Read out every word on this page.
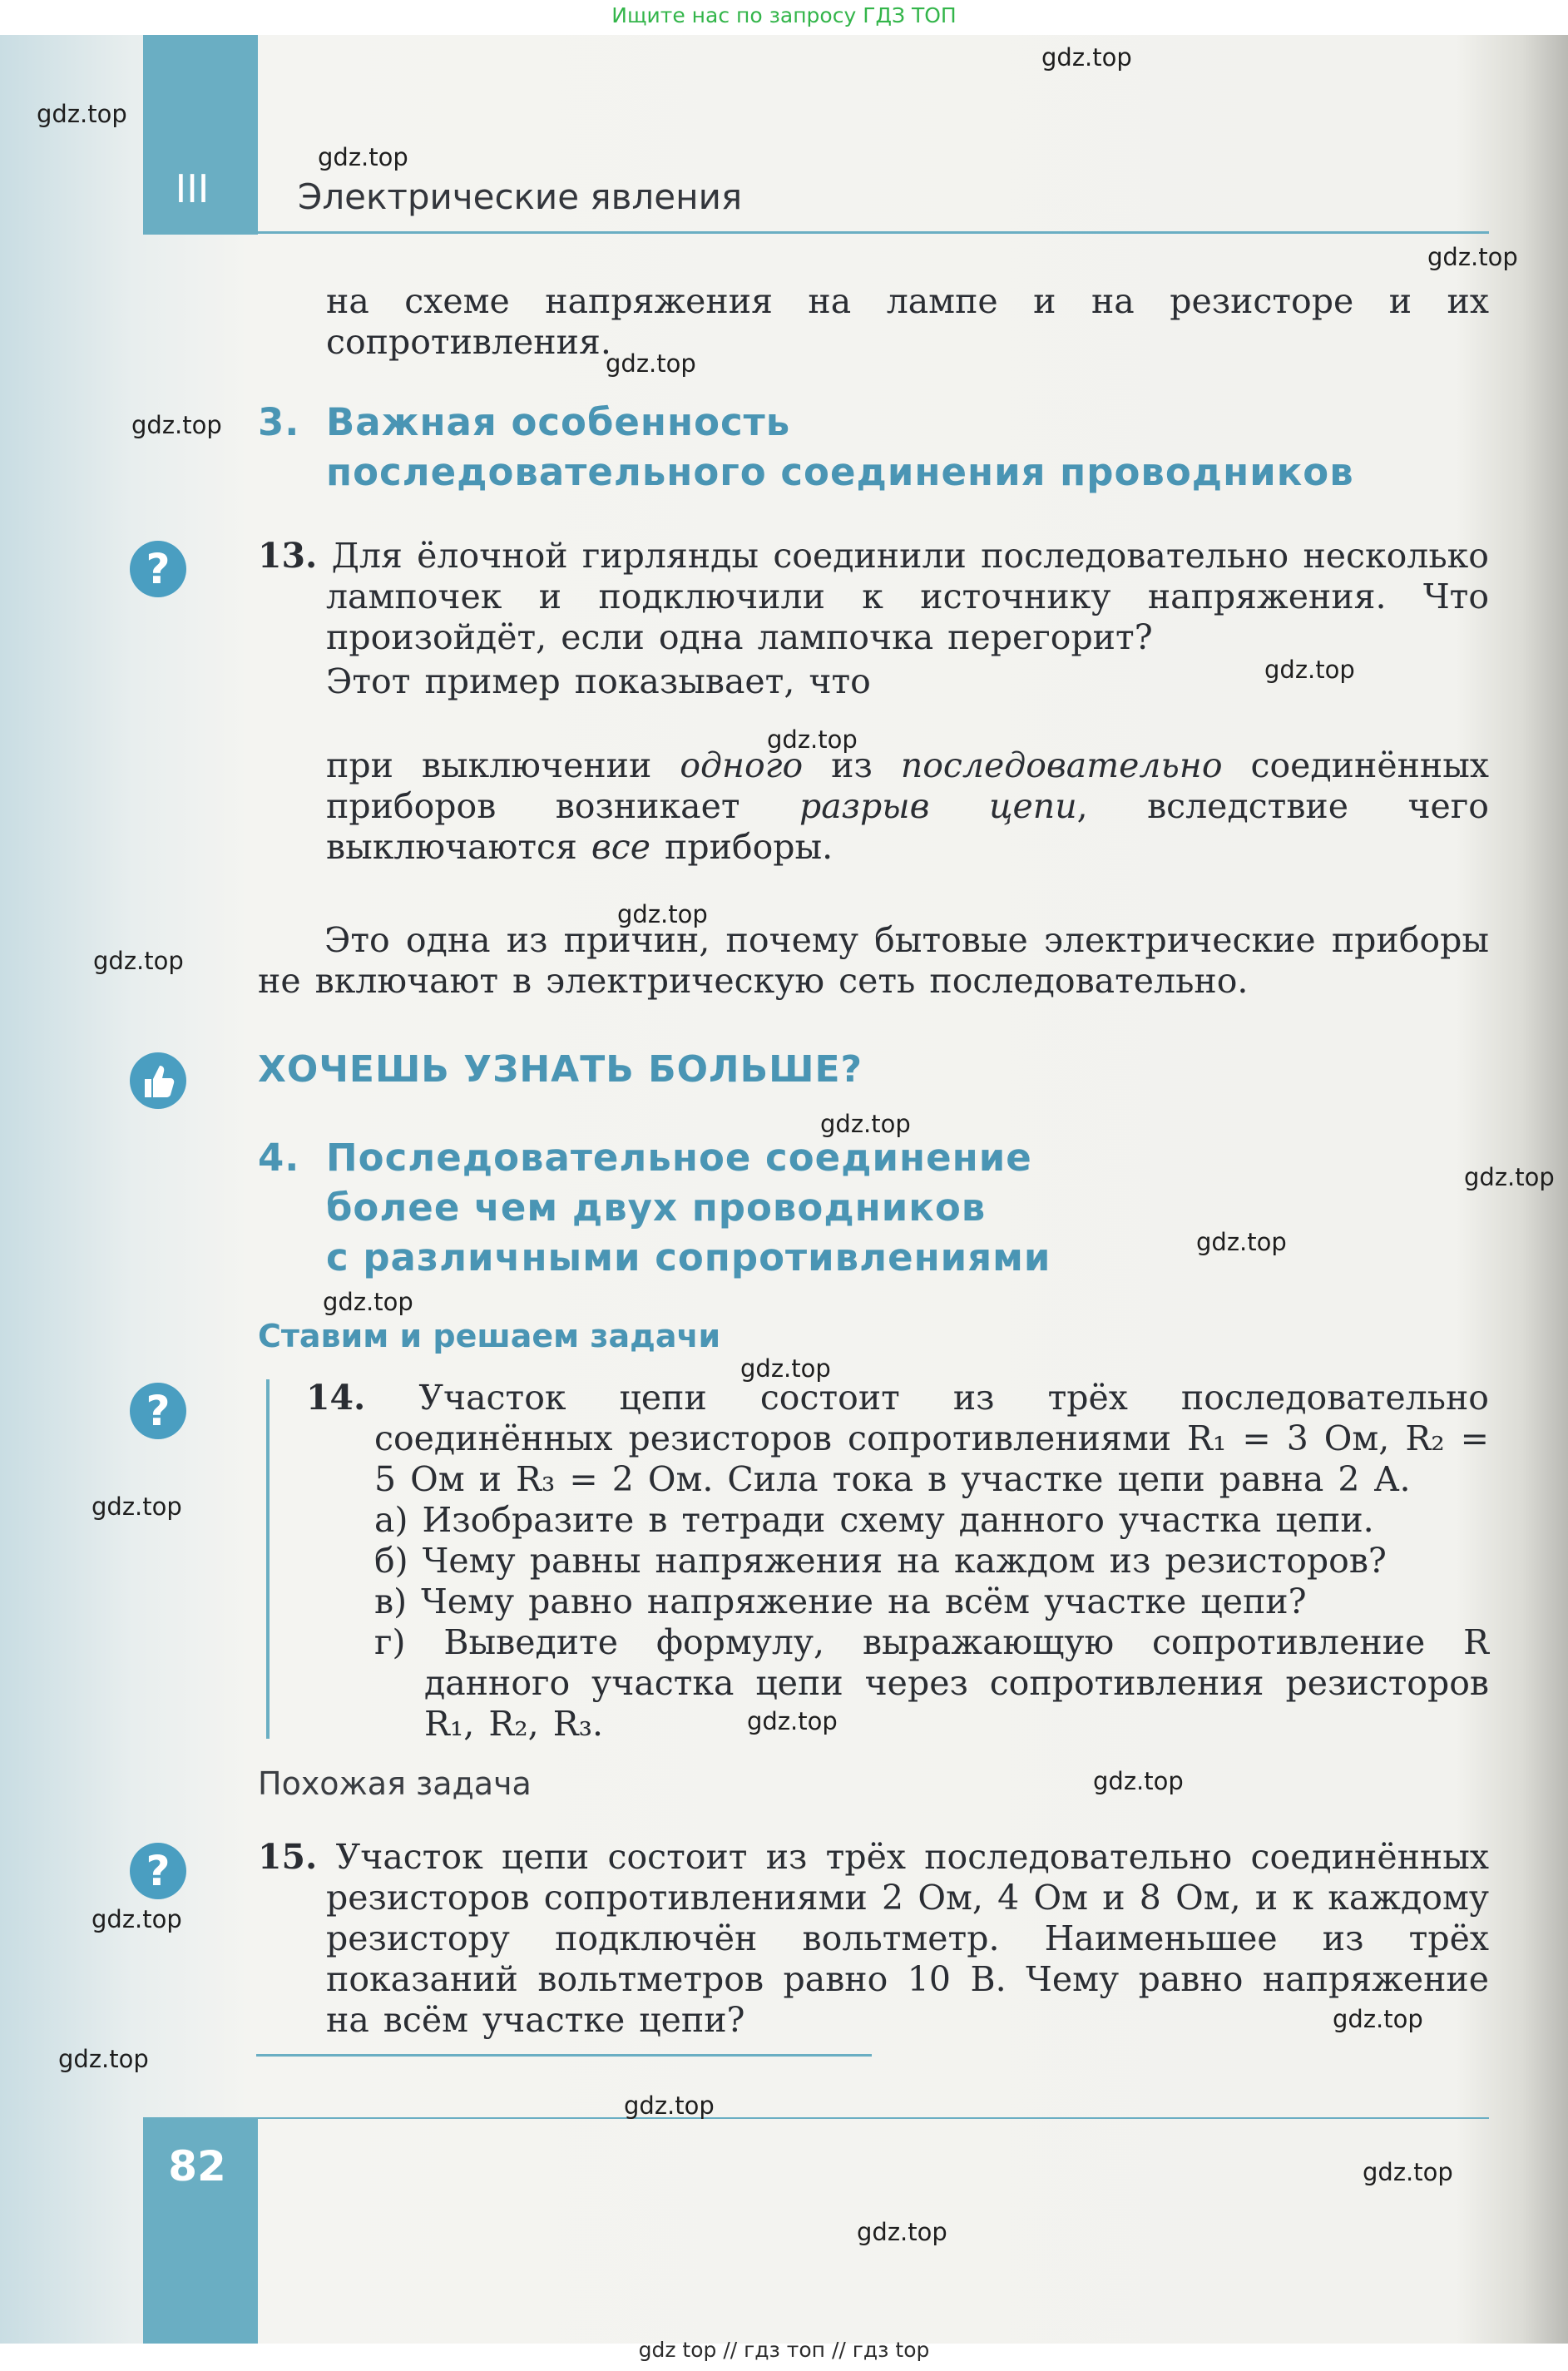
Ищите нас по запросу ГДЗ ТОП
III	Электрические явления
на схеме напряжения на лампе и на резисторе и их сопротивления.
3. Важная особенность
последовательного соединения проводников
?	13. Для ёлочной гирлянды соединили последовательно несколько лампочек и подключили к источнику напряжения. Что произойдёт, если одна лампочка перегорит?
Этот пример показывает, что
при выключении одного из последовательно соединённых приборов возникает разрыв цепи, вследствие чего выключаются все приборы.
Это одна из причин, почему бытовые электрические приборы не включают в электрическую сеть последовательно.
ХОЧЕШЬ УЗНАТЬ БОЛЬШЕ?
4. Последовательное соединение
более чем двух проводников
с различными сопротивлениями
Ставим и решаем задачи
?	14. Участок цепи состоит из трёх последовательно соединённых резисторов сопротивлениями R₁ = 3 Ом, R₂ = 5 Ом и R₃ = 2 Ом. Сила тока в участке цепи равна 2 А.
а) Изобразите в тетради схему данного участка цепи.
б) Чему равны напряжения на каждом из резисторов?
в) Чему равно напряжение на всём участке цепи?
г) Выведите формулу, выражающую сопротивление R данного участка цепи через сопротивления резисторов R₁, R₂, R₃.
Похожая задача
?	15. Участок цепи состоит из трёх последовательно соединённых резисторов сопротивлениями 2 Ом, 4 Ом и 8 Ом, и к каждому резистору подключён вольтметр. Наименьшее из трёх показаний вольтметров равно 10 В. Чему равно напряжение на всём участке цепи?
82
gdz.top
gdz.top
gdz.top
gdz.top
gdz.top
gdz.top
gdz.top
gdz.top
gdz.top
gdz.top
gdz.top
gdz.top
gdz.top
gdz.top
gdz.top
gdz.top
gdz.top
gdz.top
gdz.top
gdz.top
gdz.top
gdz.top
gdz.top
gdz.top
gdz top // гдз топ // гдз top
